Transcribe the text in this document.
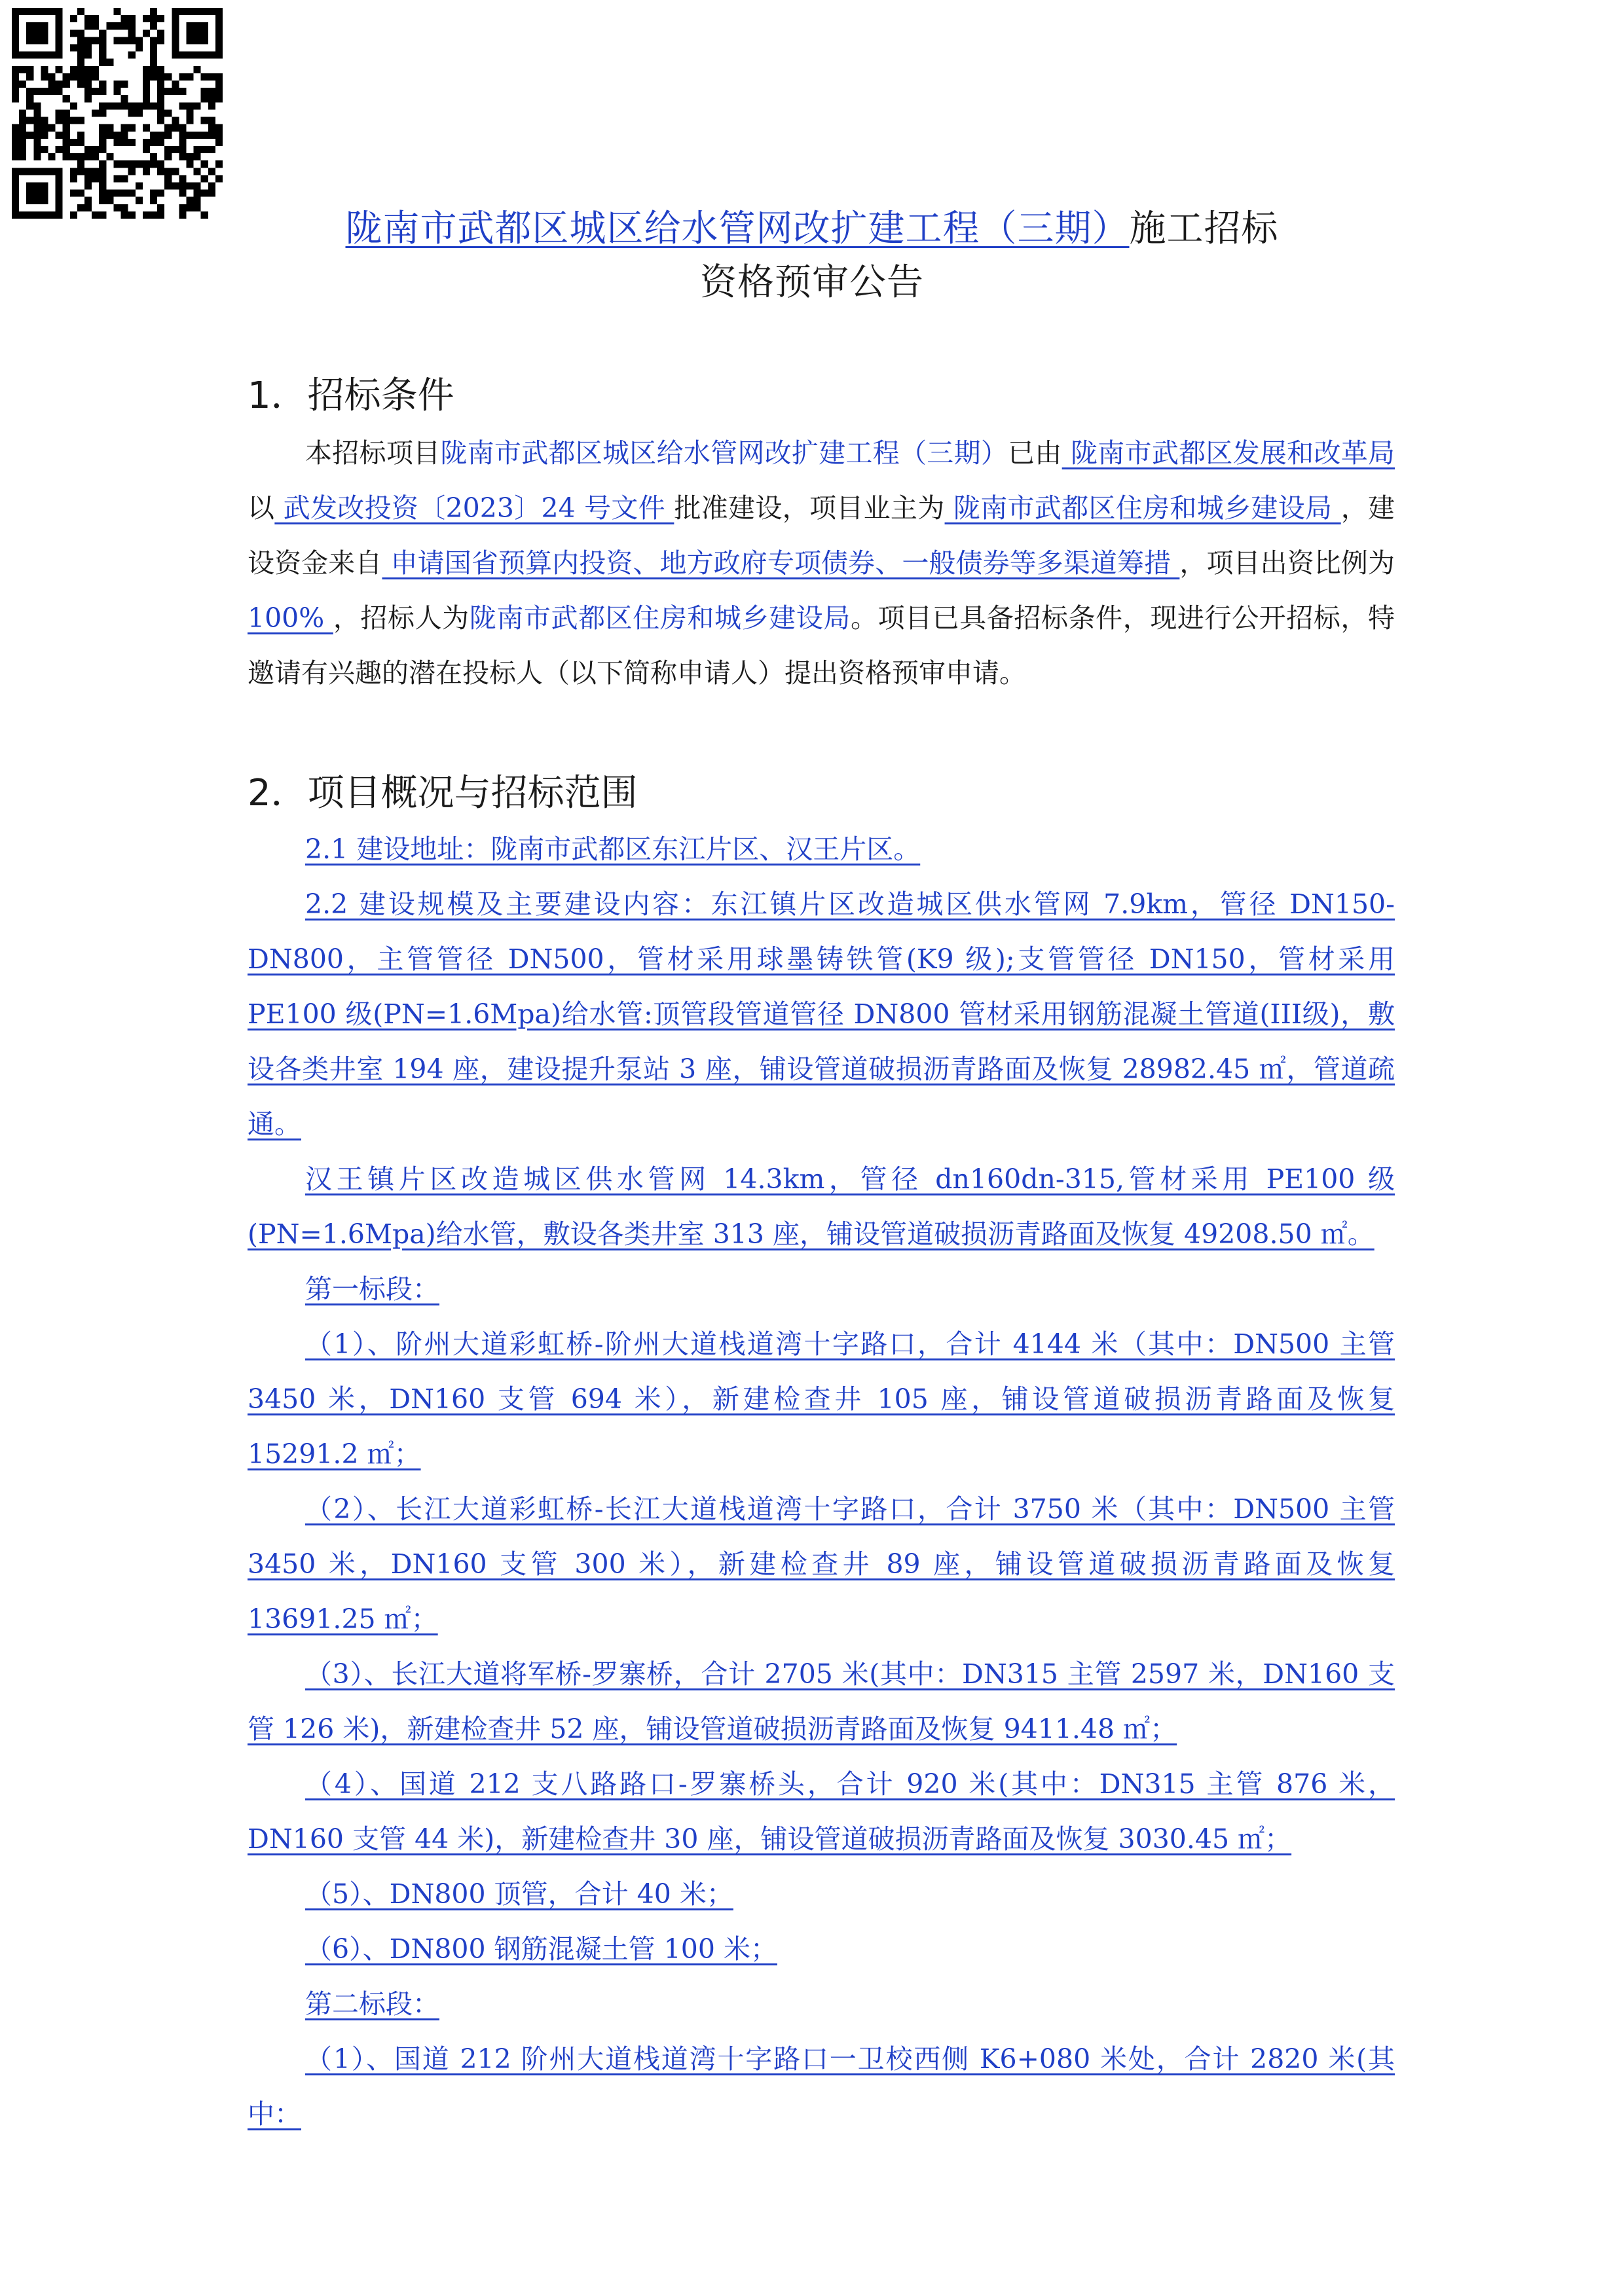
陇南市武都区城区给水管网改扩建工程（三期）施工招标
资格预审公告
1．招标条件

本招标项目陇南市武都区城区给水管网改扩建工程（三期）已由 陇南市武都区发展和改革局 以 武发改投资〔2023〕24 号文件 批准建设，项目业主为 陇南市武都区住房和城乡建设局 ，建设资金来自 申请国省预算内投资、地方政府专项债券、一般债券等多渠道筹措 ，项目出资比例为 100% ，招标人为陇南市武都区住房和城乡建设局。项目已具备招标条件，现进行公开招标，特邀请有兴趣的潜在投标人（以下简称申请人）提出资格预审申请。

2．项目概况与招标范围

2.1 建设地址：陇南市武都区东江片区、汉王片区。

2.2 建设规模及主要建设内容：东江镇片区改造城区供水管网 7.9km，管径 DN150-DN800，主管管径 DN500，管材采用球墨铸铁管(K9 级);支管管径 DN150，管材采用 PE100 级(PN=1.6Mpa)给水管:顶管段管道管径 DN800 管材采用钢筋混凝土管道(III级)，敷设各类井室 194 座，建设提升泵站 3 座，铺设管道破损沥青路面及恢复 28982.45 ㎡，管道疏通。

汉王镇片区改造城区供水管网 14.3km，管径 dn160dn-315,管材采用 PE100 级(PN=1.6Mpa)给水管，敷设各类井室 313 座，铺设管道破损沥青路面及恢复 49208.50 ㎡。

第一标段：

（1）、阶州大道彩虹桥-阶州大道栈道湾十字路口，合计 4144 米（其中：DN500 主管 3450 米，DN160 支管 694 米），新建检查井 105 座，铺设管道破损沥青路面及恢复 15291.2 ㎡；

（2）、长江大道彩虹桥-长江大道栈道湾十字路口，合计 3750 米（其中：DN500 主管 3450 米，DN160 支管 300 米），新建检查井 89 座，铺设管道破损沥青路面及恢复 13691.25 ㎡；

（3）、长江大道将军桥-罗寨桥，合计 2705 米(其中：DN315 主管 2597 米，DN160 支管 126 米)，新建检查井 52 座，铺设管道破损沥青路面及恢复 9411.48 ㎡；

（4）、国道 212 支八路路口-罗寨桥头，合计 920 米(其中：DN315 主管 876 米，DN160 支管 44 米)，新建检查井 30 座，铺设管道破损沥青路面及恢复 3030.45 ㎡；

（5）、DN800 顶管，合计 40 米；

（6）、DN800 钢筋混凝土管 100 米；

第二标段：

（1）、国道 212 阶州大道栈道湾十字路口一卫校西侧 K6+080 米处，合计 2820 米(其中：
